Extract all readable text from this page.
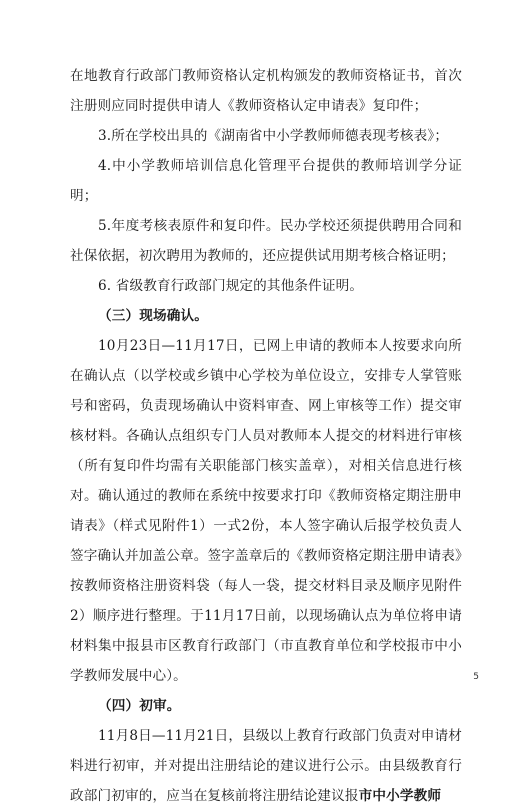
在地教育行政部门教师资格认定机构颁发的教师资格证书，首次注册则应同时提供申请人《教师资格认定申请表》复印件；

3.所在学校出具的《湖南省中小学教师师德表现考核表》；

4.中小学教师培训信息化管理平台提供的教师培训学分证明；

5.年度考核表原件和复印件。民办学校还须提供聘用合同和社保依据，初次聘用为教师的，还应提供试用期考核合格证明；

6. 省级教育行政部门规定的其他条件证明。

（三）现场确认。

10月23日—11月17日，已网上申请的教师本人按要求向所在确认点（以学校或乡镇中心学校为单位设立，安排专人掌管账号和密码，负责现场确认中资料审查、网上审核等工作）提交审核材料。各确认点组织专门人员对教师本人提交的材料进行审核（所有复印件均需有关职能部门核实盖章），对相关信息进行核对。确认通过的教师在系统中按要求打印《教师资格定期注册申请表》（样式见附件1）一式2份，本人签字确认后报学校负责人签字确认并加盖公章。签字盖章后的《教师资格定期注册申请表》按教师资格注册资料袋（每人一袋，提交材料目录及顺序见附件2）顺序进行整理。于11月17日前，以现场确认点为单位将申请材料集中报县市区教育行政部门（市直教育单位和学校报市中小学教师发展中心）。

（四）初审。

11月8日—11月21日，县级以上教育行政部门负责对申请材料进行初审，并对提出注册结论的建议进行公示。由县级教育行政部门初审的，应当在复核前将注册结论建议报市中小学教师

5
